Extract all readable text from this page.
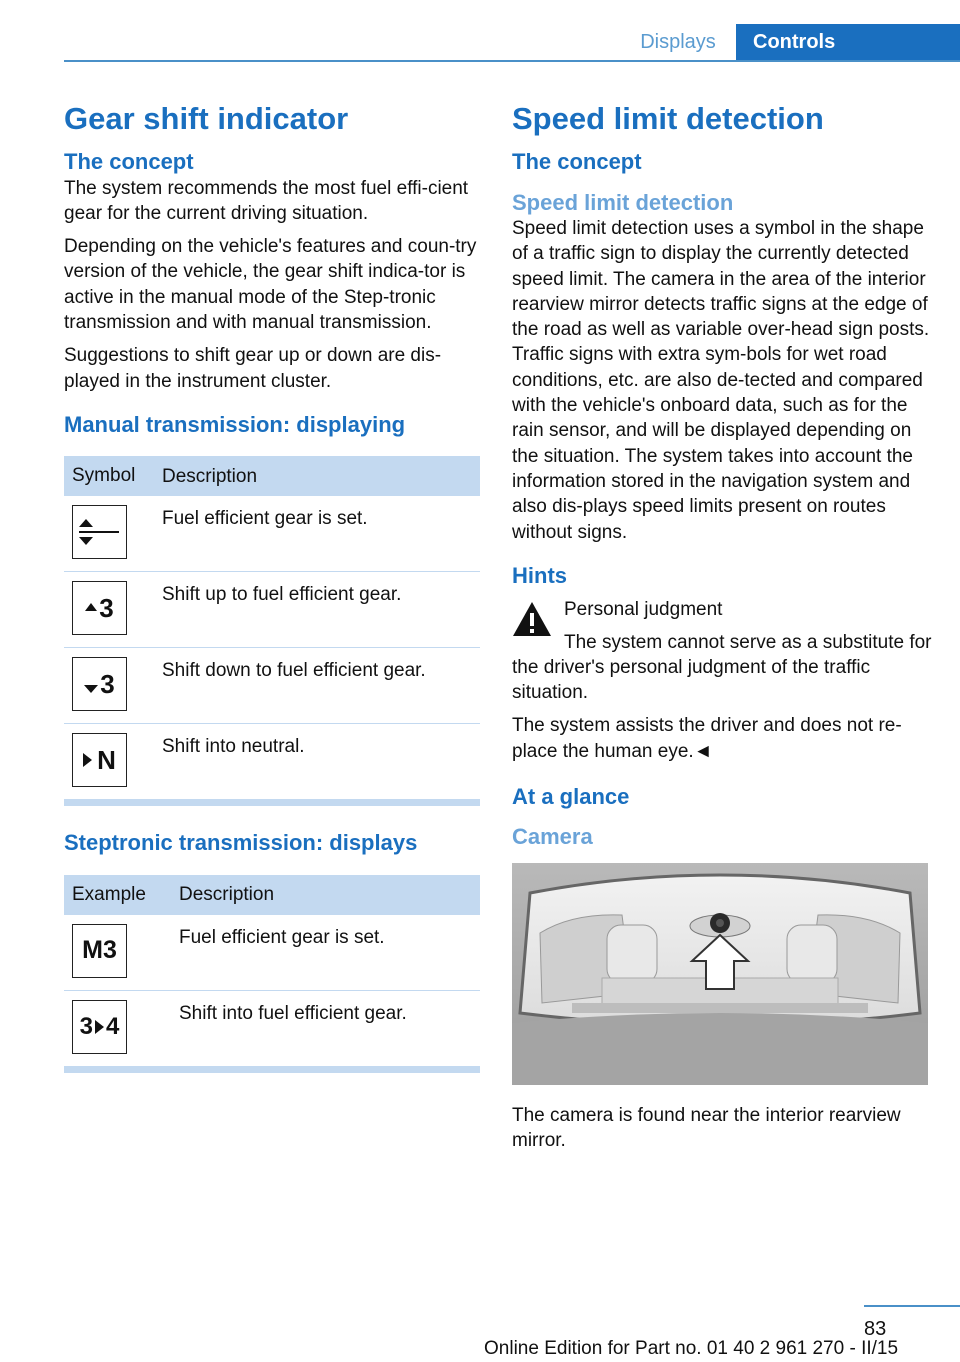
Displays	Controls
Gear shift indicator
The concept

The system recommends the most fuel effi-cient gear for the current driving situation.

Depending on the vehicle's features and coun-try version of the vehicle, the gear shift indica-tor is active in the manual mode of the Step-tronic transmission and with manual transmission.

Suggestions to shift gear up or down are dis-played in the instrument cluster.

Manual transmission: displaying
Symbol	Description
Fuel efficient gear is set.
3	Shift up to fuel efficient gear.
3 Shift down to fuel efficient gear.
N Shift into neutral.
Steptronic transmission: displays
Example	Description
M3	Fuel efficient gear is set.
3 4	Shift into fuel efficient gear.
Speed limit detection
The concept
Speed limit detection

Speed limit detection uses a symbol in the shape of a traffic sign to display the currently detected speed limit. The camera in the area of the interior rearview mirror detects traffic signs at the edge of the road as well as variable over-head sign posts. Traffic signs with extra sym-bols for wet road conditions, etc. are also de-tected and compared with the vehicle's onboard data, such as for the rain sensor, and will be displayed depending on the situation. The system takes into account the information stored in the navigation system and also dis-plays speed limits present on routes without signs.

Hints

Personal judgment

The system cannot serve as a substitute for the driver's personal judgment of the traffic situation.

The system assists the driver and does not re-place the human eye.◄

At a glance
Camera

The camera is found near the interior rearview mirror.

83
Online Edition for Part no. 01 40 2 961 270 - II/15
